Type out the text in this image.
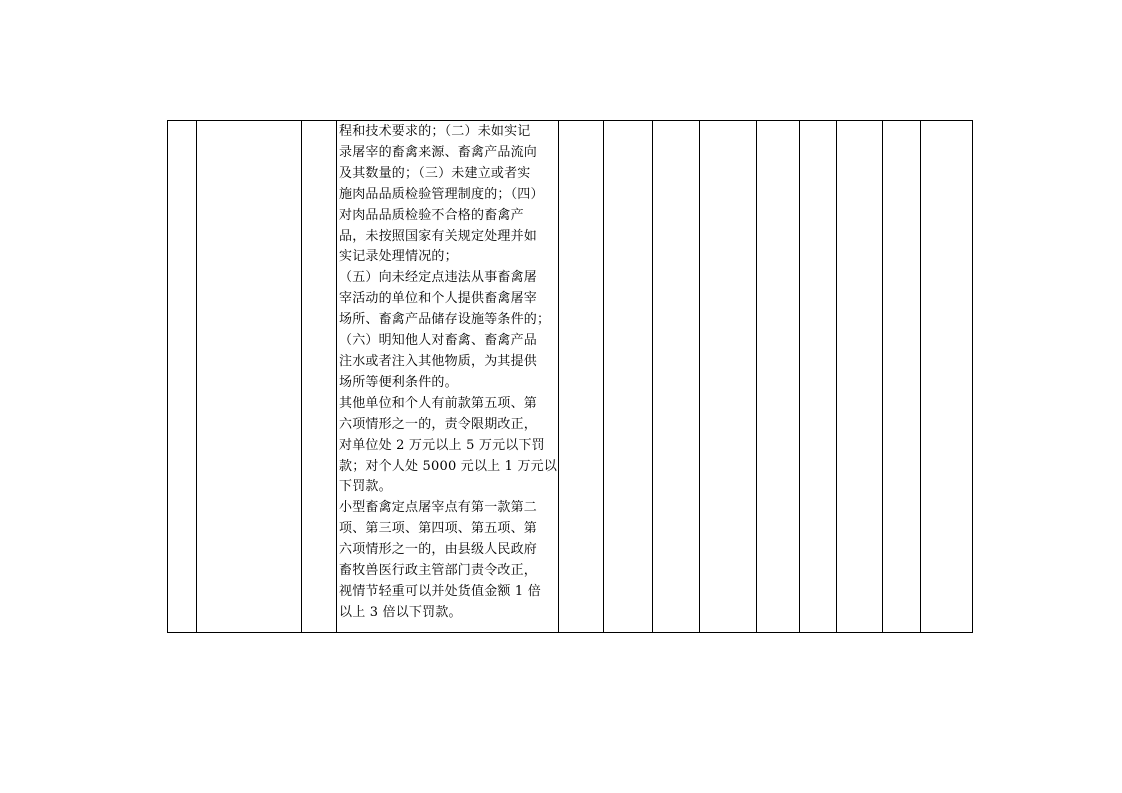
程和技术要求的；（二）未如实记
录屠宰的畜禽来源、畜禽产品流向
及其数量的；（三）未建立或者实
施肉品品质检验管理制度的；（四）
对肉品品质检验不合格的畜禽产
品，未按照国家有关规定处理并如
实记录处理情况的；
（五）向未经定点违法从事畜禽屠
宰活动的单位和个人提供畜禽屠宰
场所、畜禽产品储存设施等条件的；
（六）明知他人对畜禽、畜禽产品
注水或者注入其他物质，为其提供
场所等便利条件的。
其他单位和个人有前款第五项、第
六项情形之一的，责令限期改正，
对单位处 2 万元以上 5 万元以下罚
款；对个人处 5000 元以上 1 万元以
下罚款。
小型畜禽定点屠宰点有第一款第二
项、第三项、第四项、第五项、第
六项情形之一的，由县级人民政府
畜牧兽医行政主管部门责令改正，
视情节轻重可以并处货值金额 1 倍
以上 3 倍以下罚款。
